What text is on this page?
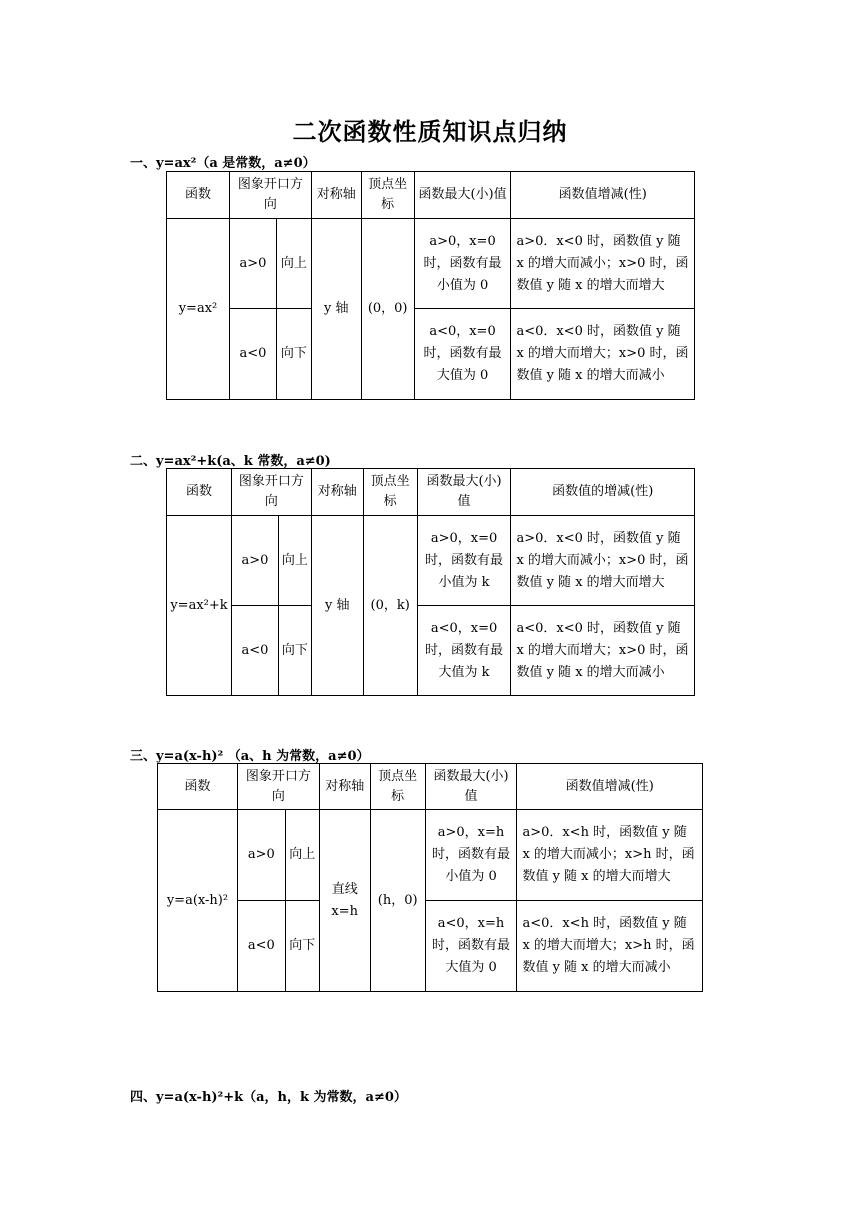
二次函数性质知识点归纳
一、y=ax²（a 是常数，a≠0）
函数	图象开口方向		对称轴	顶点坐标	函数最大(小)值	函数值增减(性)
y=ax²	a>0	向上	y 轴	(0，0)	a>0，x=0 时，函数有最小值为 0	a>0．x<0 时，函数值 y 随 x 的增大而减小；x>0 时，函数值 y 随 x 的增大而增大
	a<0	向下			a<0，x=0 时，函数有最大值为 0	a<0．x<0 时，函数值 y 随 x 的增大而增大；x>0 时，函数值 y 随 x 的增大而减小
二、y=ax²+k(a、k 常数，a≠0)
函数	图象开口方向		对称轴	顶点坐标	函数最大(小)值	函数值的增减(性)
y=ax²+k	a>0	向上	y 轴	(0，k)	a>0，x=0 时，函数有最小值为 k	a>0．x<0 时，函数值 y 随 x 的增大而减小；x>0 时，函数值 y 随 x 的增大而增大
	a<0	向下			a<0，x=0 时，函数有最大值为 k	a<0．x<0 时，函数值 y 随 x 的增大而增大；x>0 时，函数值 y 随 x 的增大而减小
三、y=a(x-h)² （a、h 为常数，a≠0）
函数	图象开口方向		对称轴	顶点坐标	函数最大(小)值	函数值增减(性)
y=a(x-h)²	a>0	向上	直线 x=h	(h，0)	a>0，x=h 时，函数有最小值为 0	a>0．x<h 时，函数值 y 随 x 的增大而减小；x>h 时，函数值 y 随 x 的增大而增大
	a<0	向下			a<0，x=h 时，函数有最大值为 0	a<0．x<h 时，函数值 y 随 x 的增大而增大；x>h 时，函数值 y 随 x 的增大而减小
四、y=a(x-h)²+k（a，h，k 为常数，a≠0）
